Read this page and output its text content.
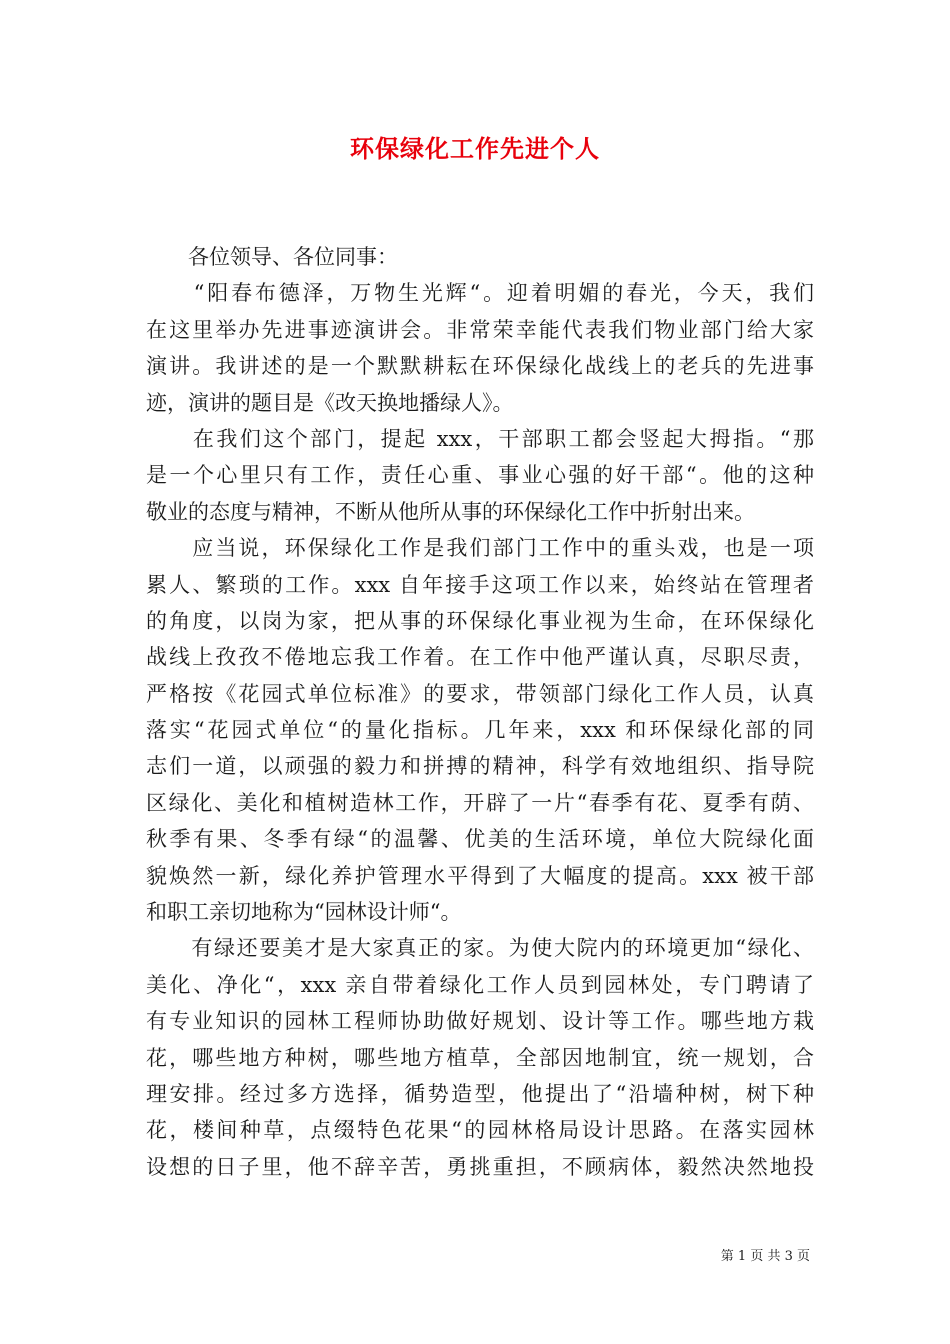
环保绿化工作先进个人
　　各位领导、各位同事：
　　“阳春布德泽，万物生光辉“。迎着明媚的春光，今天，我们
在这里举办先进事迹演讲会。非常荣幸能代表我们物业部门给大家
演讲。我讲述的是一个默默耕耘在环保绿化战线上的老兵的先进事
迹，演讲的题目是《改天换地播绿人》。
　　在我们这个部门，提起 xxx，干部职工都会竖起大拇指。“那
是一个心里只有工作，责任心重、事业心强的好干部“。他的这种
敬业的态度与精神，不断从他所从事的环保绿化工作中折射出来。
　　应当说，环保绿化工作是我们部门工作中的重头戏，也是一项
累人、繁琐的工作。xxx 自年接手这项工作以来，始终站在管理者
的角度，以岗为家，把从事的环保绿化事业视为生命，在环保绿化
战线上孜孜不倦地忘我工作着。在工作中他严谨认真，尽职尽责，
严格按《花园式单位标准》的要求，带领部门绿化工作人员，认真
落实“花园式单位“的量化指标。几年来，xxx 和环保绿化部的同
志们一道，以顽强的毅力和拼搏的精神，科学有效地组织、指导院
区绿化、美化和植树造林工作，开辟了一片“春季有花、夏季有荫、
秋季有果、冬季有绿“的温馨、优美的生活环境，单位大院绿化面
貌焕然一新，绿化养护管理水平得到了大幅度的提高。xxx 被干部
和职工亲切地称为“园林设计师“。
　　有绿还要美才是大家真正的家。为使大院内的环境更加“绿化、
美化、净化“，xxx 亲自带着绿化工作人员到园林处，专门聘请了
有专业知识的园林工程师协助做好规划、设计等工作。哪些地方栽
花，哪些地方种树，哪些地方植草，全部因地制宜，统一规划，合
理安排。经过多方选择，循势造型，他提出了“沿墙种树，树下种
花，楼间种草，点缀特色花果“的园林格局设计思路。在落实园林
设想的日子里，他不辞辛苦，勇挑重担，不顾病体，毅然决然地投
第 1 页 共 3 页
